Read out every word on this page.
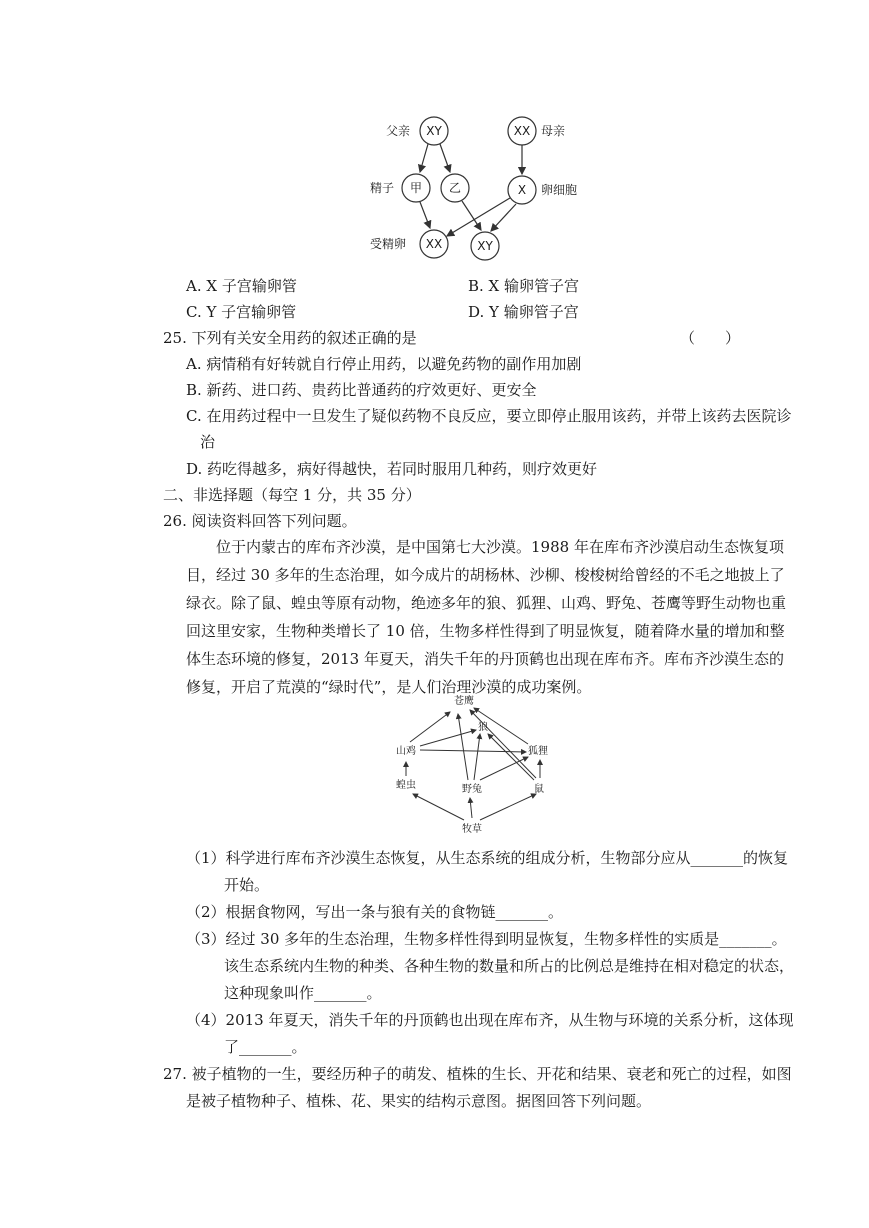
父亲 XY	XX 母亲
精子 甲 乙	X 卵细胞
受精卵 XX	XY
A. X 子宫输卵管	B. X 输卵管子宫
C. Y 子宫输卵管	D. Y 输卵管子宫
25. 下列有关安全用药的叙述正确的是	（　　）
A. 病情稍有好转就自行停止用药，以避免药物的副作用加剧
B. 新药、进口药、贵药比普通药的疗效更好、更安全
C. 在用药过程中一旦发生了疑似药物不良反应，要立即停止服用该药，并带上该药去医院诊
治
D. 药吃得越多，病好得越快，若同时服用几种药，则疗效更好
二、非选择题（每空 1 分，共 35 分）
26. 阅读资料回答下列问题。
位于内蒙古的库布齐沙漠，是中国第七大沙漠。1988 年在库布齐沙漠启动生态恢复项目，经过 30 多年的生态治理，如今成片的胡杨林、沙柳、梭梭树给曾经的不毛之地披上了绿衣。除了鼠、蝗虫等原有动物，绝迹多年的狼、狐狸、山鸡、野兔、苍鹰等野生动物也重回这里安家，生物种类增长了 10 倍，生物多样性得到了明显恢复，随着降水量的增加和整体生态环境的修复，2013 年夏天，消失千年的丹顶鹤也出现在库布齐。库布齐沙漠生态的修复，开启了荒漠的“绿时代”，是人们治理沙漠的成功案例。
苍鹰
狼
山鸡	狐狸
蝗虫	野兔	鼠
牧草
（1）科学进行库布齐沙漠生态恢复，从生态系统的组成分析，生物部分应从_______的恢复
开始。
（2）根据食物网，写出一条与狼有关的食物链_______。
（3）经过 30 多年的生态治理，生物多样性得到明显恢复，生物多样性的实质是_______。
该生态系统内生物的种类、各种生物的数量和所占的比例总是维持在相对稳定的状态，
这种现象叫作_______。
（4）2013 年夏天，消失千年的丹顶鹤也出现在库布齐，从生物与环境的关系分析，这体现
了_______。
27. 被子植物的一生，要经历种子的萌发、植株的生长、开花和结果、衰老和死亡的过程，如图
是被子植物种子、植株、花、果实的结构示意图。据图回答下列问题。
